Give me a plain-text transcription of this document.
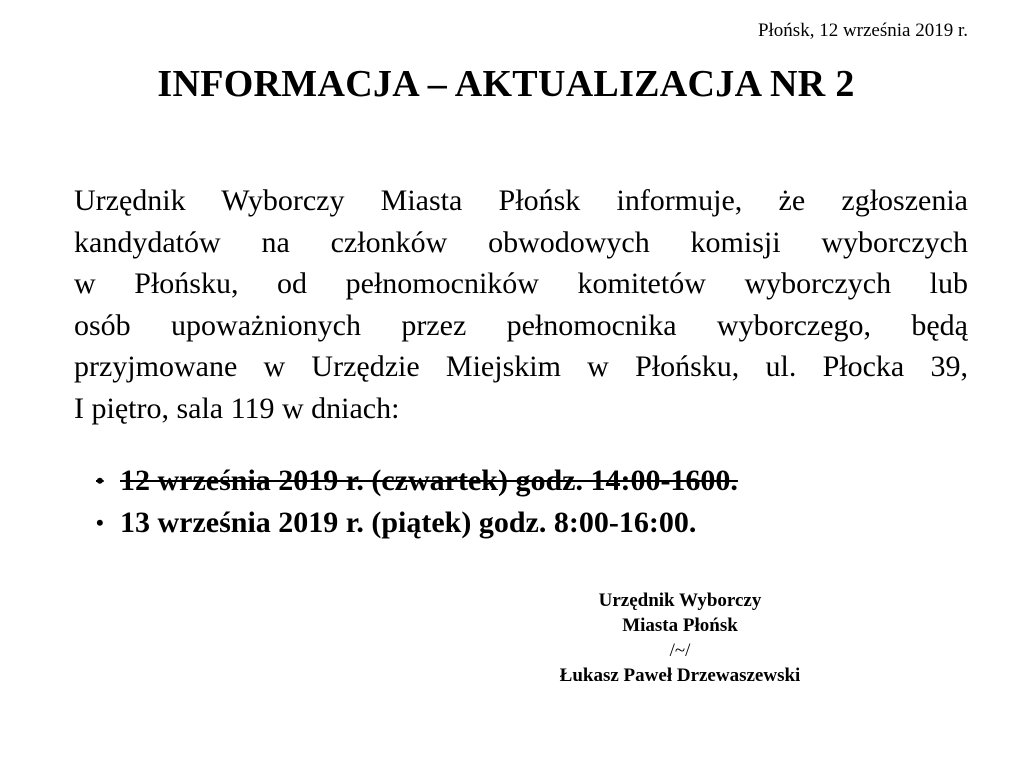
Płońsk, 12 września 2019 r.
INFORMACJA – AKTUALIZACJA NR 2
Urzędnik Wyborczy Miasta Płońsk informuje, że zgłoszenia
kandydatów na członków obwodowych komisji wyborczych
w Płońsku, od pełnomocników komitetów wyborczych lub
osób upoważnionych przez pełnomocnika wyborczego, będą
przyjmowane w Urzędzie Miejskim w Płońsku, ul. Płocka 39,
I piętro, sala 119 w dniach:
• 12 września 2019 r. (czwartek) godz. 14:00-1600.
• 13 września 2019 r. (piątek) godz. 8:00-16:00.
Urzędnik Wyborczy
Miasta Płońsk
/~/
Łukasz Paweł Drzewaszewski
